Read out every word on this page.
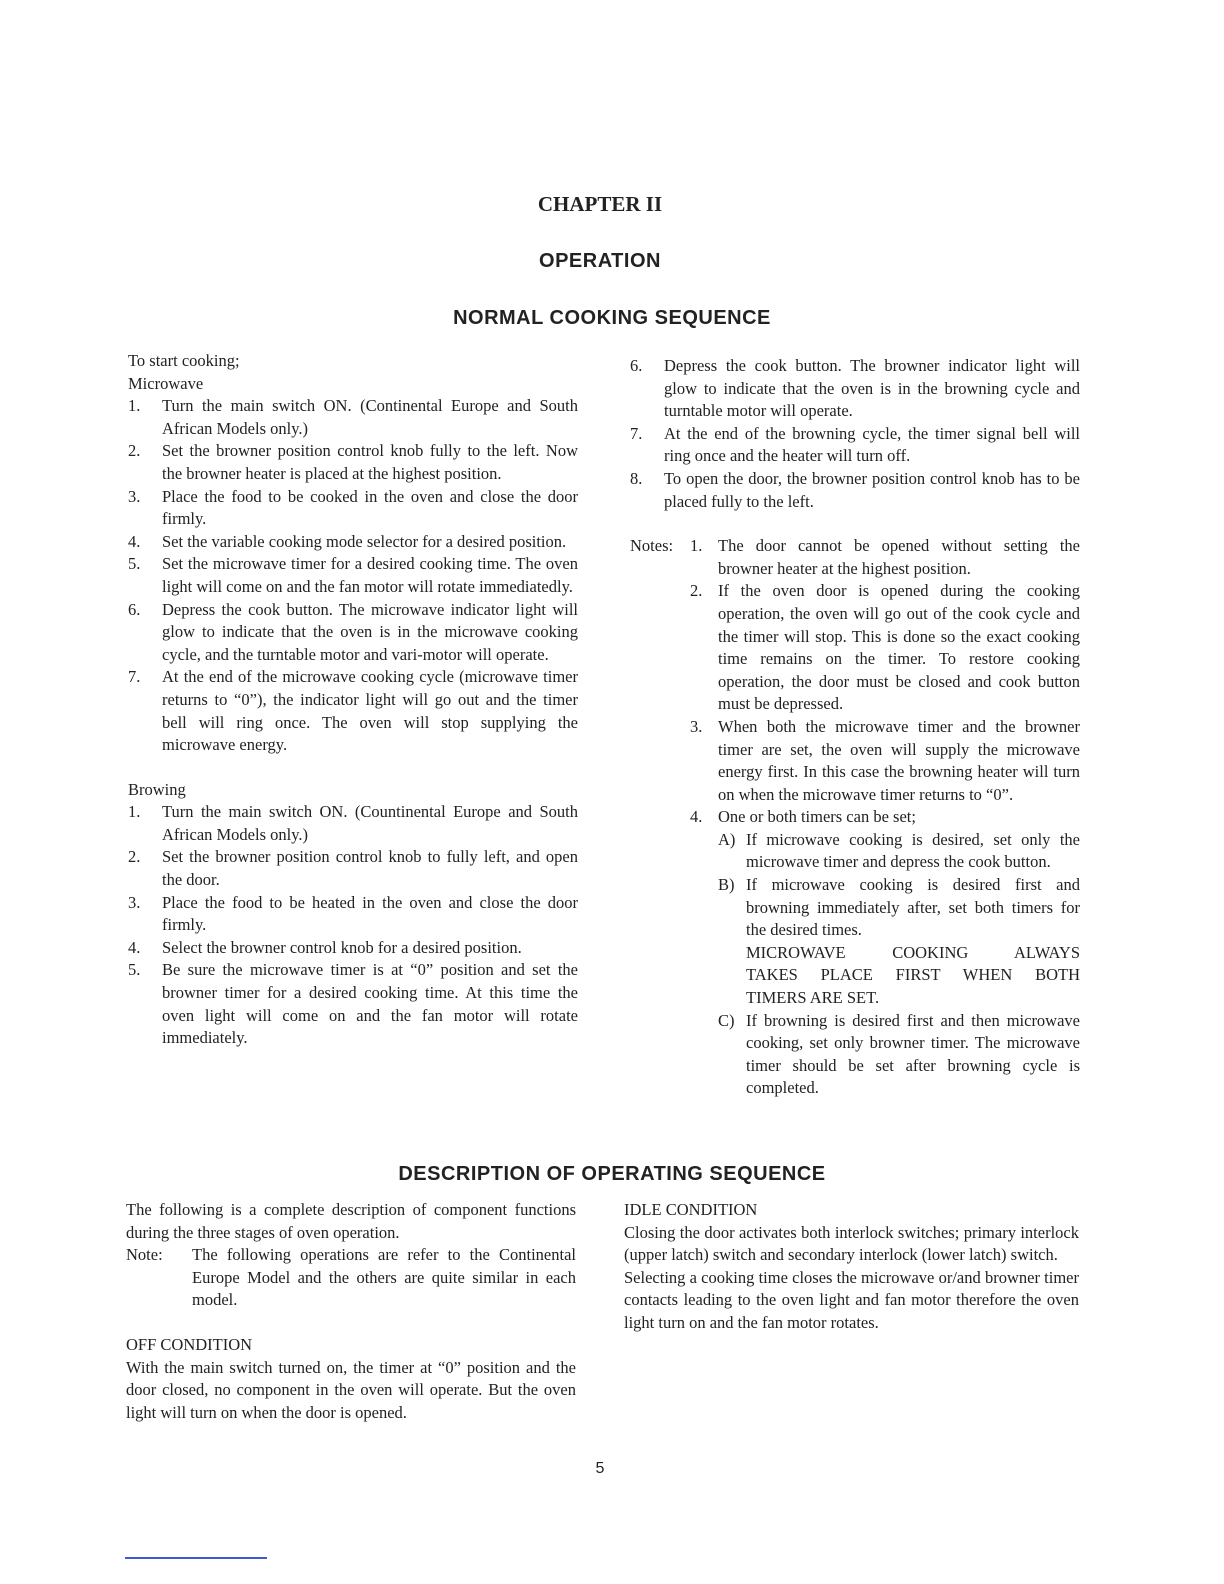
CHAPTER II
OPERATION
NORMAL COOKING SEQUENCE

To start cooking;

Microwave

1.	Turn the main switch ON. (Continental Europe and South African Models only.)
2.	Set the browner position control knob fully to the left. Now the browner heater is placed at the highest position.
3.	Place the food to be cooked in the oven and close the door firmly.
4.	Set the variable cooking mode selector for a desired position.
5.	Set the microwave timer for a desired cooking time. The oven light will come on and the fan motor will rotate immediatedly.
6.	Depress the cook button. The microwave indicator light will glow to indicate that the oven is in the microwave cooking cycle, and the turntable motor and vari-motor will operate.
7.	At the end of the microwave cooking cycle (microwave timer returns to “0”), the indicator light will go out and the timer bell will ring once. The oven will stop supplying the microwave energy.

Browing

1.	Turn the main switch ON. (Countinental Europe and South African Models only.)
2.	Set the browner position control knob to fully left, and open the door.
3.	Place the food to be heated in the oven and close the door firmly.
4.	Select the browner control knob for a desired position.
5.	Be sure the microwave timer is at “0” position and set the browner timer for a desired cooking time. At this time the oven light will come on and the fan motor will rotate immediately.
6.	Depress the cook button. The browner indicator light will glow to indicate that the oven is in the browning cycle and turntable motor will operate.
7.	At the end of the browning cycle, the timer signal bell will ring once and the heater will turn off.
8.	To open the door, the browner position control knob has to be placed fully to the left.
Notes:	1. The door cannot be opened without setting the browner heater at the highest position.
2. If the oven door is opened during the cooking operation, the oven will go out of the cook cycle and the timer will stop. This is done so the exact cooking time remains on the timer. To restore cooking operation, the door must be closed and cook button must be depressed.
3. When both the microwave timer and the browner timer are set, the oven will supply the microwave energy first. In this case the browning heater will turn on when the microwave timer returns to “0”.
4. One or both timers can be set;
A) If microwave cooking is desired, set only the microwave timer and depress the cook button.
B) If microwave cooking is desired first and browning immediately after, set both timers for the desired times.
MICROWAVE COOKING ALWAYS
TAKES PLACE FIRST WHEN BOTH
TIMERS ARE SET.
C) If browning is desired first and then microwave cooking, set only browner timer. The microwave timer should be set after browning cycle is completed.
DESCRIPTION OF OPERATING SEQUENCE

The following is a complete description of component functions during the three stages of oven operation.

Note:	The following operations are refer to the Continental Europe Model and the others are quite similar in each model.

OFF CONDITION

With the main switch turned on, the timer at “0” position and the door closed, no component in the oven will operate. But the oven light will turn on when the door is opened.

IDLE CONDITION

Closing the door activates both interlock switches; primary interlock (upper latch) switch and secondary interlock (lower latch) switch.

Selecting a cooking time closes the microwave or/and browner timer contacts leading to the oven light and fan motor therefore the oven light turn on and the fan motor rotates.

5
